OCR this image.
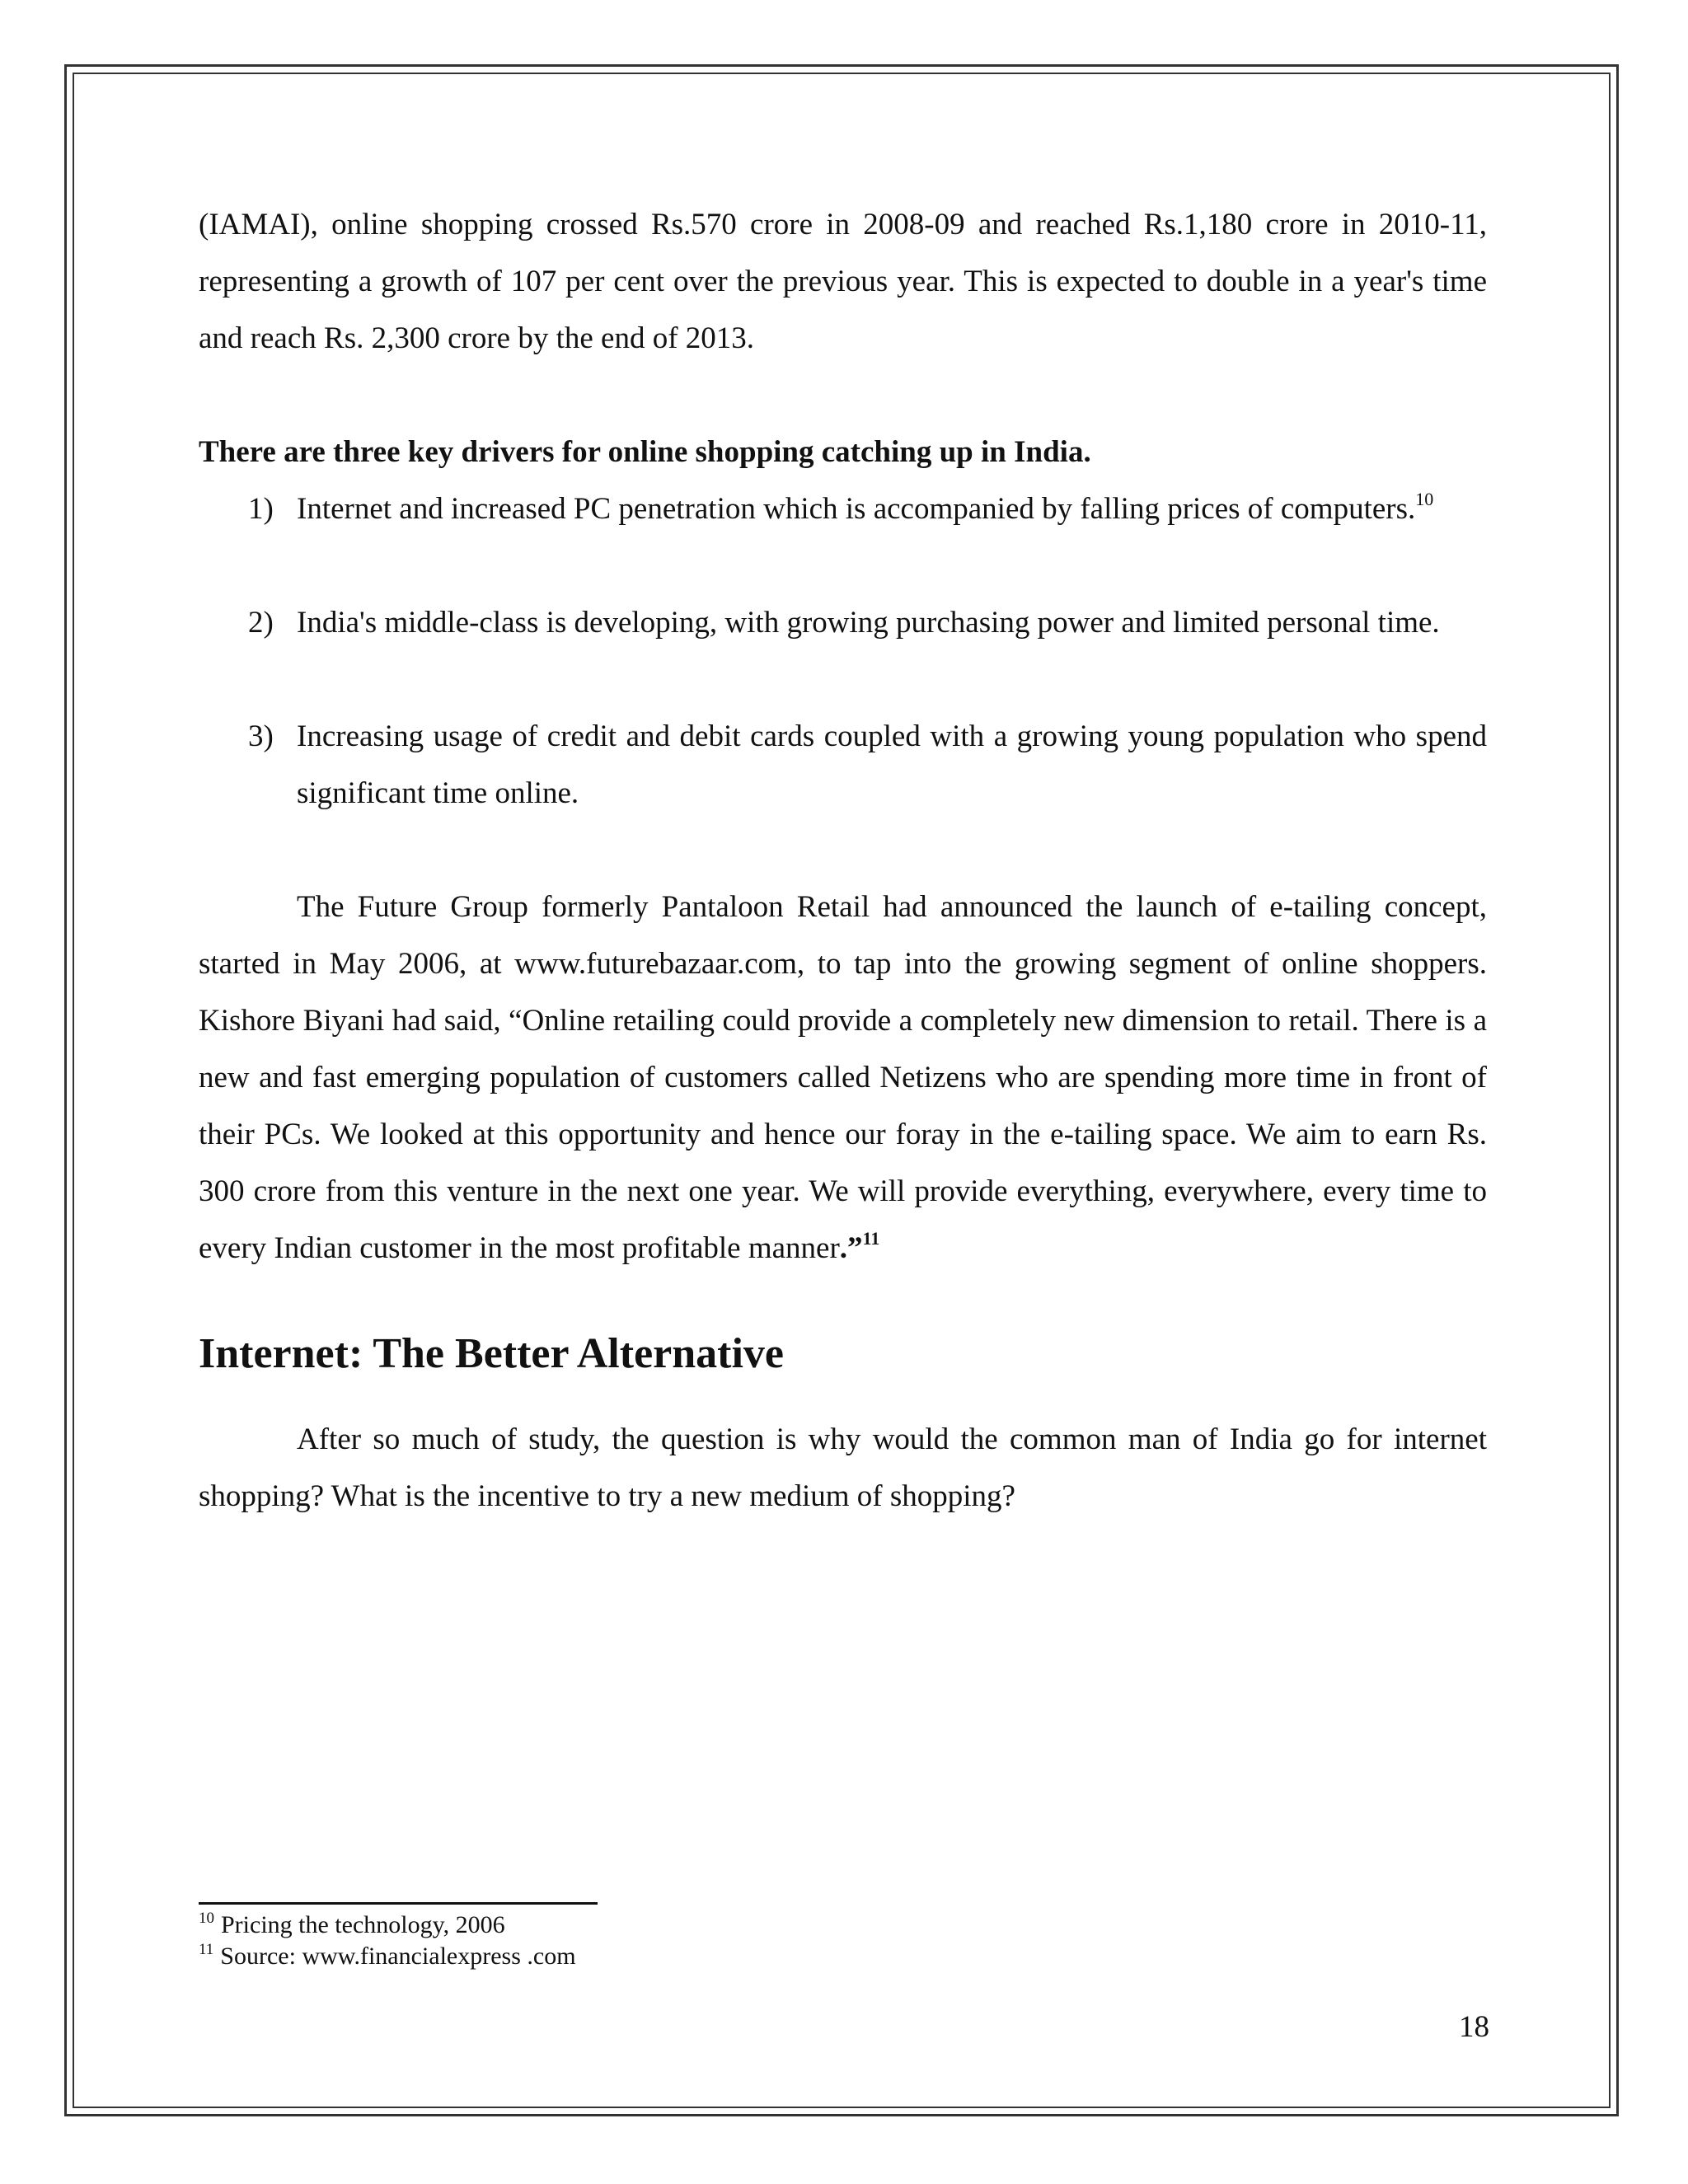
(IAMAI), online shopping crossed Rs.570 crore in 2008-09 and reached Rs.1,180 crore in 2010-11, representing a growth of 107 per cent over the previous year. This is expected to double in a year's time and reach Rs. 2,300 crore by the end of 2013.

There are three key drivers for online shopping catching up in India.

1) Internet and increased PC penetration which is accompanied by falling prices of computers.$^{10}$
2) India's middle-class is developing, with growing purchasing power and limited personal time.
3) Increasing usage of credit and debit cards coupled with a growing young population who spend significant time online.

The Future Group formerly Pantaloon Retail had announced the launch of e-tailing concept, started in May 2006, at www.futurebazaar.com, to tap into the growing segment of online shoppers. Kishore Biyani had said, “Online retailing could provide a completely new dimension to retail. There is a new and fast emerging population of customers called Netizens who are spending more time in front of their PCs. We looked at this opportunity and hence our foray in the e-tailing space. We aim to earn Rs. 300 crore from this venture in the next one year. We will provide everything, everywhere, every time to every Indian customer in the most profitable manner.”$^{11}$

Internet: The Better Alternative

After so much of study, the question is why would the common man of India go for internet shopping? What is the incentive to try a new medium of shopping?

$^{10}$ Pricing the technology, 2006
$^{11}$ Source: www.financialexpress .com
18
